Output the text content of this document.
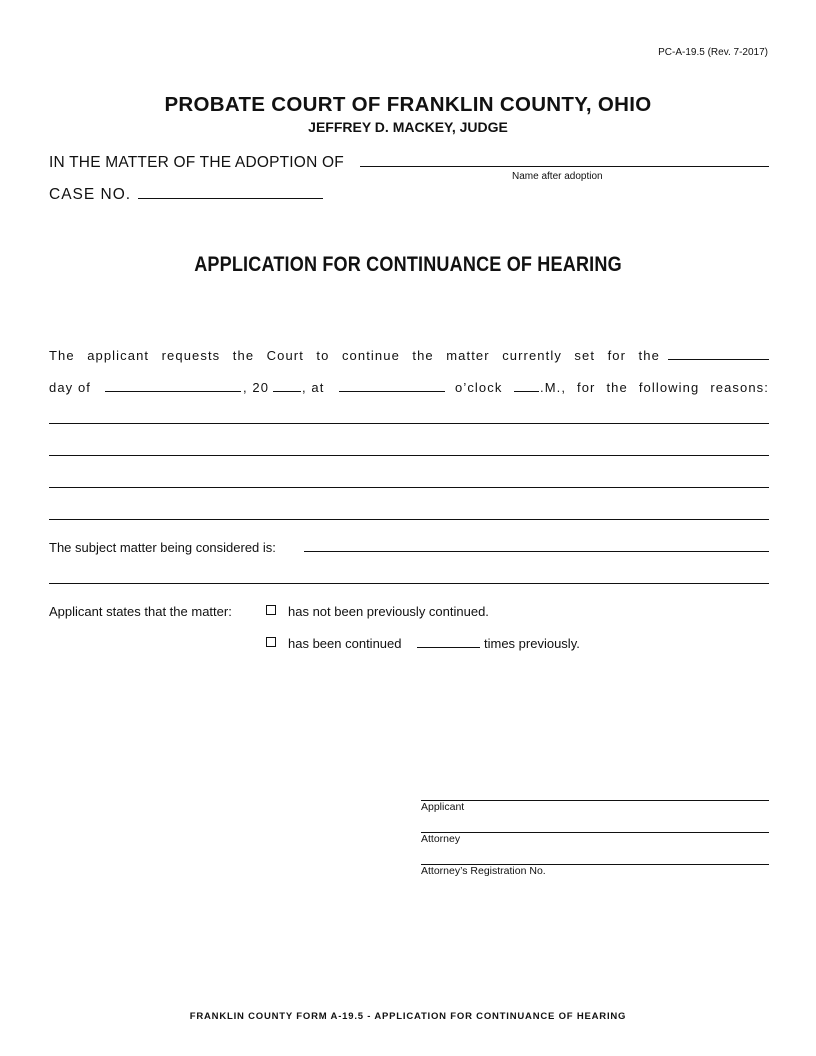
PC-A-19.5 (Rev. 7-2017)
PROBATE COURT OF FRANKLIN COUNTY, OHIO
JEFFREY D. MACKEY, JUDGE
IN THE MATTER OF THE ADOPTION OF
Name after adoption
CASE NO.
APPLICATION FOR CONTINUANCE OF HEARING
The applicant requests the Court to continue the matter currently set for the
day of	, 20	, at	o’clock	.M., for the following reasons:
The subject matter being considered is:
Applicant states that the matter:	has not been previously continued.
has been continued	times previously.
Applicant
Attorney
Attorney’s Registration No.
FRANKLIN COUNTY FORM A-19.5 - APPLICATION FOR CONTINUANCE OF HEARING
